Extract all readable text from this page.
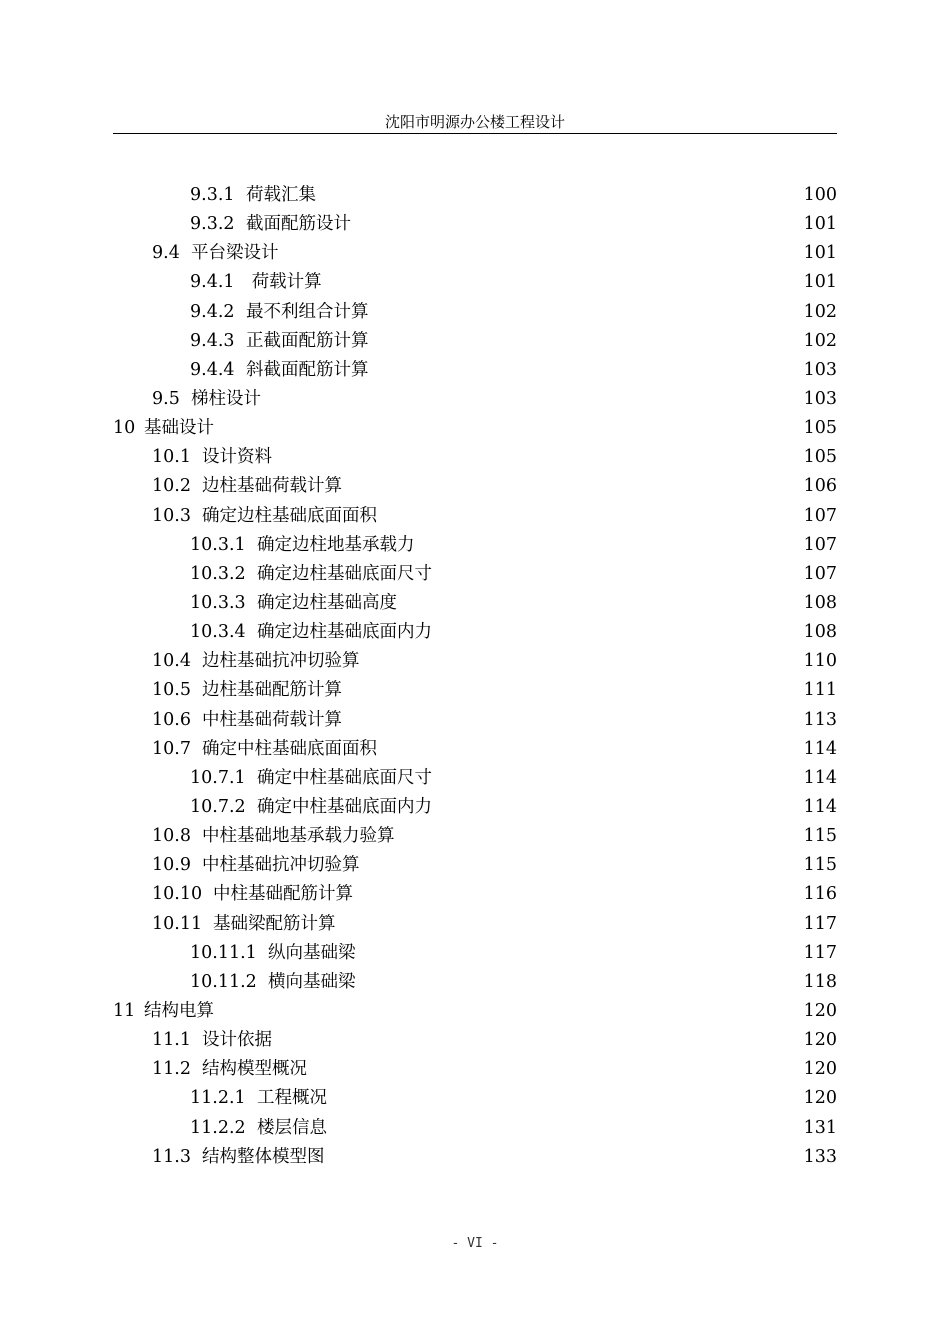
沈阳市明源办公楼工程设计
9.3.1 荷载汇集	100
9.3.2 截面配筋设计	101
9.4 平台梁设计	101
9.4.1 荷载计算	101
9.4.2 最不利组合计算	102
9.4.3 正截面配筋计算	102
9.4.4 斜截面配筋计算	103
9.5 梯柱设计	103
10 基础设计	105
10.1 设计资料	105
10.2 边柱基础荷载计算	106
10.3 确定边柱基础底面面积	107
10.3.1 确定边柱地基承载力	107
10.3.2 确定边柱基础底面尺寸	107
10.3.3 确定边柱基础高度	108
10.3.4 确定边柱基础底面内力	108
10.4 边柱基础抗冲切验算	110
10.5 边柱基础配筋计算	111
10.6 中柱基础荷载计算	113
10.7 确定中柱基础底面面积	114
10.7.1 确定中柱基础底面尺寸	114
10.7.2 确定中柱基础底面内力	114
10.8 中柱基础地基承载力验算	115
10.9 中柱基础抗冲切验算	115
10.10 中柱基础配筋计算	116
10.11 基础梁配筋计算	117
10.11.1 纵向基础梁	117
10.11.2 横向基础梁	118
11 结构电算	120
11.1 设计依据	120
11.2 结构模型概况	120
11.2.1 工程概况	120
11.2.2 楼层信息	131
11.3 结构整体模型图	133
- VI -
